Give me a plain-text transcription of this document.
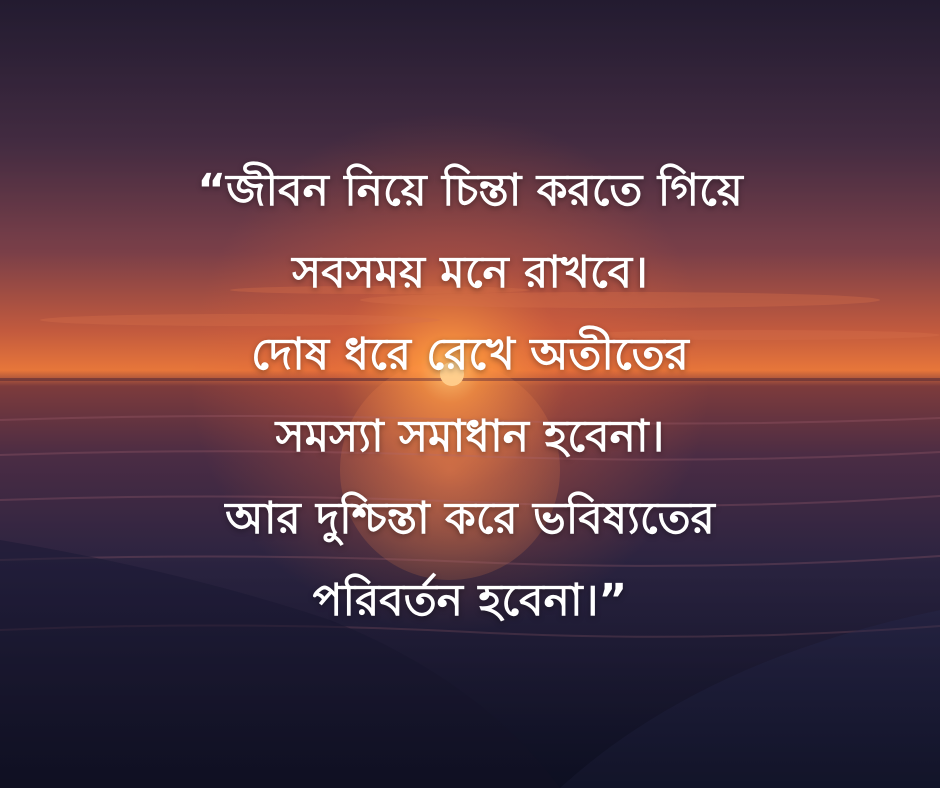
“জীবন নিয়ে চিন্তা করতে গিয়ে
সবসময় মনে রাখবে।
দোষ ধরে রেখে অতীতের
সমস্যা সমাধান হবেনা।
আর দুশ্চিন্তা করে ভবিষ্যতের
পরিবর্তন হবেনা।”
